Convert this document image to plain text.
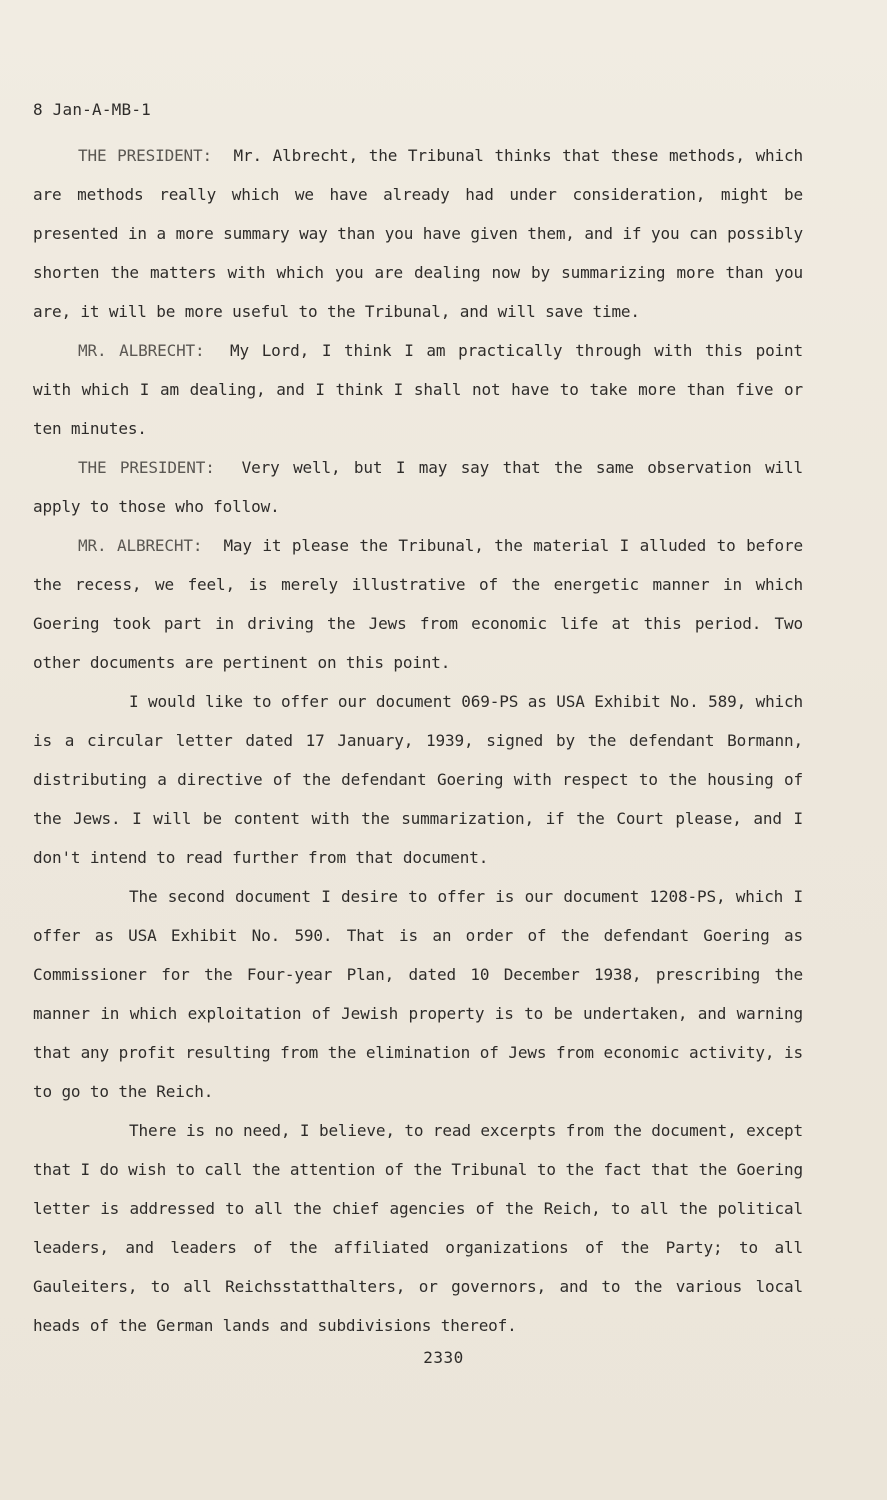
8 Jan-A-MB-1

THE PRESIDENT: Mr. Albrecht, the Tribunal thinks that these methods, which are methods really which we have already had under consideration, might be presented in a more summary way than you have given them, and if you can possibly shorten the matters with which you are dealing now by summarizing more than you are, it will be more useful to the Tribunal, and will save time.

MR. ALBRECHT: My Lord, I think I am practically through with this point with which I am dealing, and I think I shall not have to take more than five or ten minutes.

THE PRESIDENT: Very well, but I may say that the same observation will apply to those who follow.

MR. ALBRECHT: May it please the Tribunal, the material I alluded to before the recess, we feel, is merely illustrative of the energetic manner in which Goering took part in driving the Jews from economic life at this period. Two other documents are pertinent on this point.

I would like to offer our document 069-PS as USA Exhibit No. 589, which is a circular letter dated 17 January, 1939, signed by the defendant Bormann, distributing a directive of the defendant Goering with respect to the housing of the Jews. I will be content with the summarization, if the Court please, and I don't intend to read further from that document.

The second document I desire to offer is our document 1208-PS, which I offer as USA Exhibit No. 590. That is an order of the defendant Goering as Commissioner for the Four-year Plan, dated 10 December 1938, prescribing the manner in which exploitation of Jewish property is to be undertaken, and warning that any profit resulting from the elimination of Jews from economic activity, is to go to the Reich.

There is no need, I believe, to read excerpts from the document, except that I do wish to call the attention of the Tribunal to the fact that the Goering letter is addressed to all the chief agencies of the Reich, to all the political leaders, and leaders of the affiliated organizations of the Party; to all Gauleiters, to all Reichsstatthalters, or governors, and to the various local heads of the German lands and subdivisions thereof.

2330
